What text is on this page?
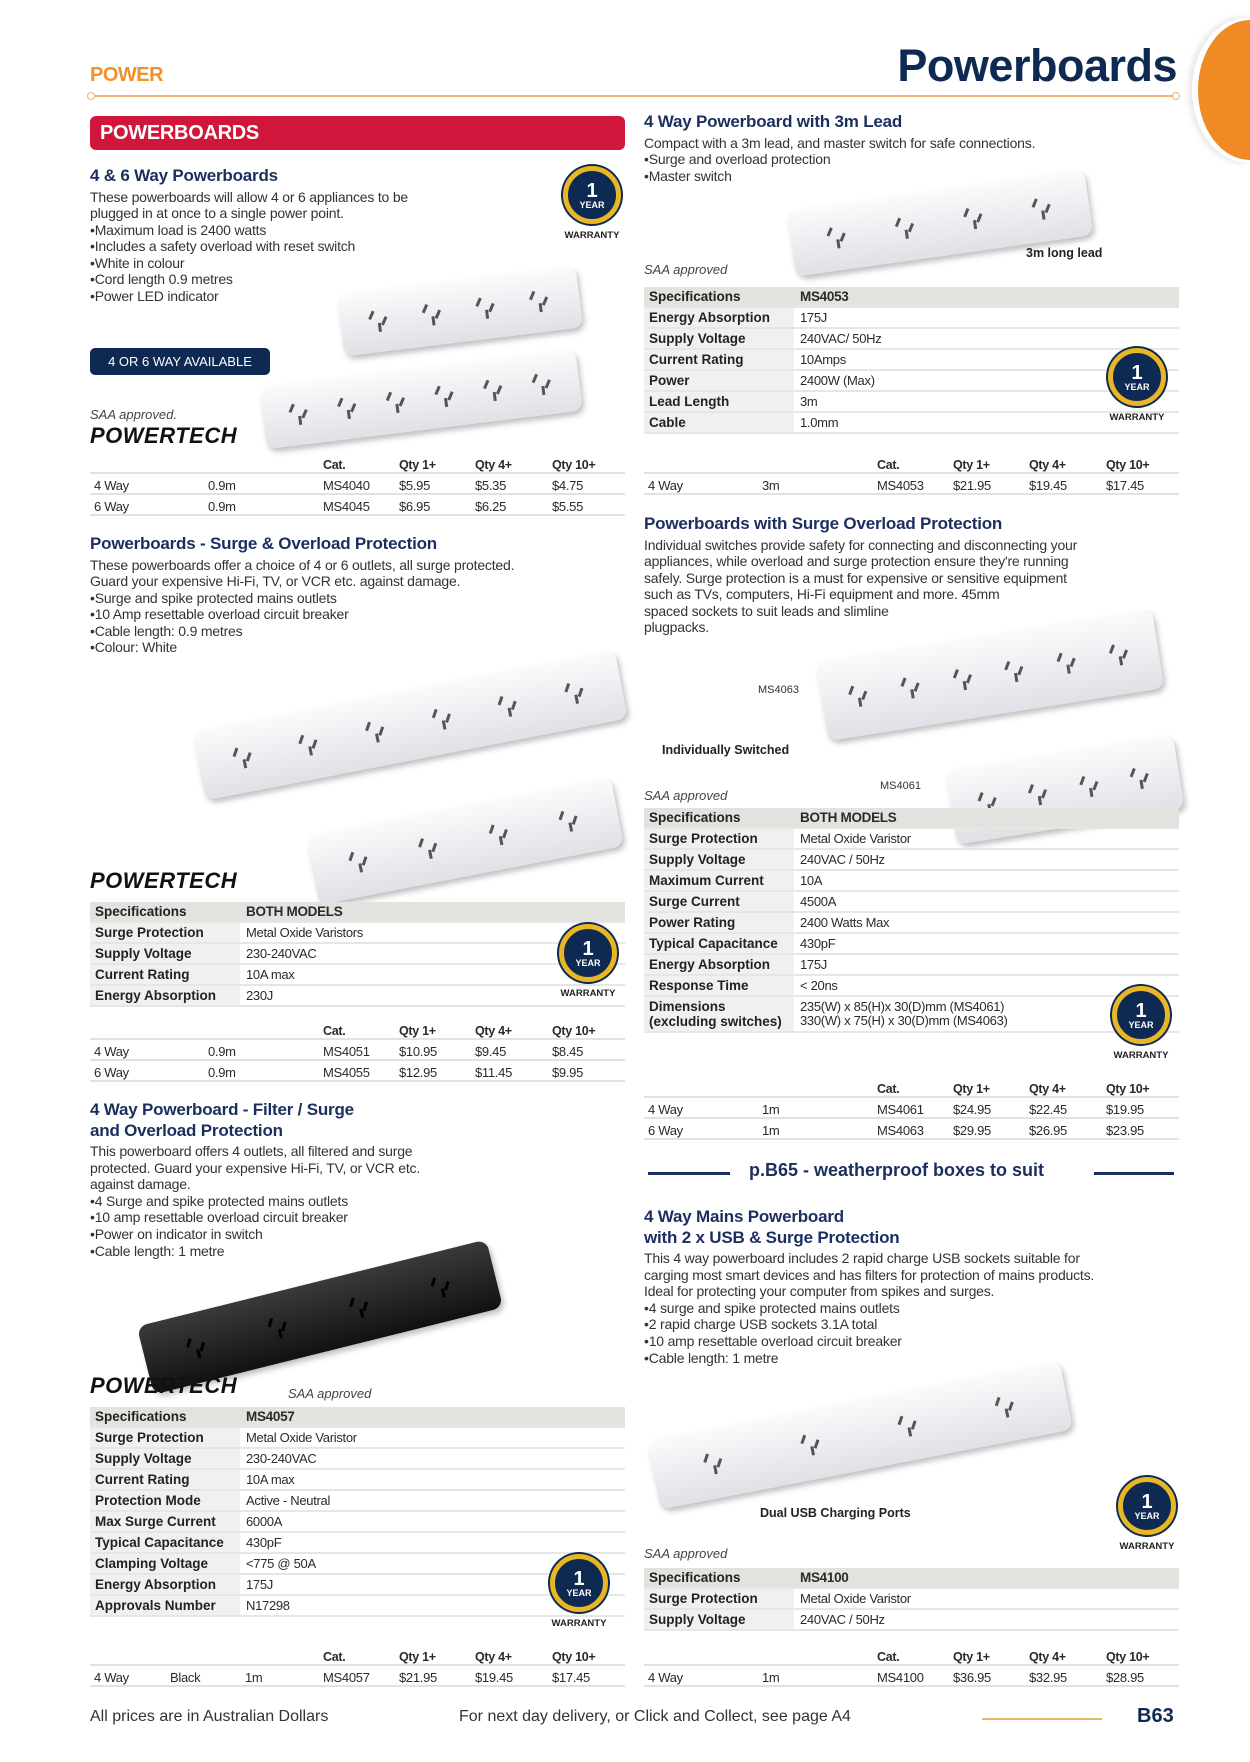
POWER	Powerboards
POWERBOARDS
4 & 6 Way Powerboards
These powerboards will allow 4 or 6 appliances to be
plugged in at once to a single power point.
• Maximum load is 2400 watts
• Includes a safety overload with reset switch
• White in colour
• Cord length 0.9 metres
• Power LED indicator
Powerboards - Surge & Overload Protection
These powerboards offer a choice of 4 or 6 outlets, all surge protected.
Guard your expensive Hi-Fi, TV, or VCR etc. against damage.
• Surge and spike protected mains outlets
• 10 Amp resettable overload circuit breaker
• Cable length: 0.9 metres
• Colour: White
4 Way Powerboard - Filter / Surge
and Overload Protection
This powerboard offers 4 outlets, all filtered and surge
protected. Guard your expensive Hi-Fi, TV, or VCR etc.
against damage.
• 4 Surge and spike protected mains outlets
• 10 amp resettable overload circuit breaker
• Power on indicator in switch
• Cable length: 1 metre
4 Way Powerboard with 3m Lead
Compact with a 3m lead, and master switch for safe connections.
• Surge and overload protection
• Master switch
Powerboards with Surge Overload Protection
Individual switches provide safety for connecting and disconnecting your
appliances, while overload and surge protection ensure they're running
safely. Surge protection is a must for expensive or sensitive equipment
such as TVs, computers, Hi-Fi equipment and more. 45mm
spaced sockets to suit leads and slimline
plugpacks.
4 Way Mains Powerboard
with 2 x USB & Surge Protection
This 4 way powerboard includes 2 rapid charge USB sockets suitable for
carging most smart devices and has filters for protection of mains products.
Ideal for protecting your computer from spikes and surges.
• 4 surge and spike protected mains outlets
• 2 rapid charge USB sockets 3.1A total
• 10 amp resettable overload circuit breaker
• Cable length: 1 metre
4 OR 6 WAY AVAILABLE
3m long lead
MS4063
MS4061
Individually Switched
Dual USB Charging Ports
SAA approved.
SAA approved
SAA approved
SAA approved
SAA approved
POWERTECH
POWERTECH
POWERTECH
Specifications	BOTH MODELS
Surge Protection	Metal Oxide Varistors
Supply Voltage	230-240VAC
Current Rating	10A max
Energy Absorption	230J
Specifications	MS4057
Surge Protection	Metal Oxide Varistor
Supply Voltage	230-240VAC
Current Rating	10A max
Protection Mode	Active - Neutral
Max Surge Current	6000A
Typical Capacitance	430pF
Clamping Voltage	<775 @ 50A
Energy Absorption	175J
Approvals Number	N17298
Specifications	MS4053
Energy Absorption	175J
Supply Voltage	240VAC/ 50Hz
Current Rating	10Amps
Power	2400W (Max)
Lead Length	3m
Cable	1.0mm
Specifications	BOTH MODELS
Surge Protection	Metal Oxide Varistor
Supply Voltage	240VAC / 50Hz
Maximum Current	10A
Surge Current	4500A
Power Rating	2400 Watts Max
Typical Capacitance	430pF
Energy Absorption	175J
Response Time	< 20ns
Dimensions (excluding switches)
235(W) x 85(H)x 30(D)mm (MS4061)
330(W) x 75(H) x 30(D)mm (MS4063)
Specifications	MS4100
Surge Protection	Metal Oxide Varistor
Supply Voltage	240VAC / 50Hz
Cat.	Qty 1+	Qty 4+	Qty 10+
4 Way	0.9m	MS4040 $5.95	$5.35	$4.75
6 Way	0.9m	MS4045 $6.95	$6.25	$5.55
Cat.	Qty 1+	Qty 4+	Qty 10+
4 Way	0.9m	MS4051 $10.95	$9.45	$8.45
6 Way	0.9m	MS4055 $12.95	$11.45	$9.95
Cat.	Qty 1+	Qty 4+	Qty 10+
4 Way	Black	1m	MS4057 $21.95	$19.45	$17.45
Cat.	Qty 1+	Qty 4+	Qty 10+
4 Way	3m	MS4053 $21.95	$19.45	$17.45
Cat.	Qty 1+	Qty 4+	Qty 10+
4 Way	1m	MS4061 $24.95	$22.45	$19.95
6 Way	1m	MS4063 $29.95	$26.95	$23.95
Cat.	Qty 1+	Qty 4+	Qty 10+
4 Way	1m	MS4100 $36.95	$32.95	$28.95
1
YEAR
WARRANTY
1
YEAR
WARRANTY
1
YEAR
WARRANTY
1
YEAR
WARRANTY
1
YEAR
WARRANTY
1
YEAR
WARRANTY
p.B65 - weatherproof boxes to suit
All prices are in Australian Dollars	For next day delivery, or Click and Collect, see page A4	B63
